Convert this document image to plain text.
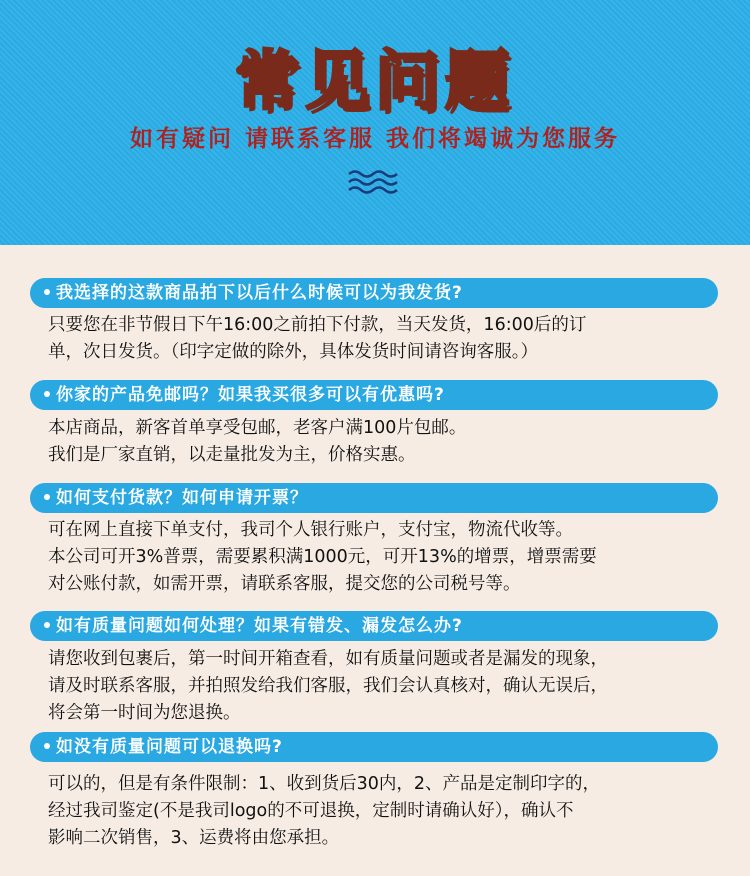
常见问题
如有疑问 请联系客服 我们将竭诚为您服务
我选择的这款商品拍下以后什么时候可以为我发货?
只要您在非节假日下午16:00之前拍下付款，当天发货，16:00后的订
单，次日发货。（印字定做的除外，具体发货时间请咨询客服。）
你家的产品免邮吗？如果我买很多可以有优惠吗?
本店商品，新客首单享受包邮，老客户满100片包邮。
我们是厂家直销，以走量批发为主，价格实惠。
如何支付货款？如何申请开票？
可在网上直接下单支付，我司个人银行账户，支付宝，物流代收等。
本公司可开3%普票，需要累积满1000元，可开13%的增票，增票需要
对公账付款，如需开票，请联系客服，提交您的公司税号等。
如有质量问题如何处理？如果有错发、漏发怎么办?
请您收到包裹后，第一时间开箱查看，如有质量问题或者是漏发的现象，
请及时联系客服，并拍照发给我们客服，我们会认真核对，确认无误后，
将会第一时间为您退换。
如没有质量问题可以退换吗?
可以的，但是有条件限制：1、收到货后30内，2、产品是定制印字的，
经过我司鉴定(不是我司logo的不可退换，定制时请确认好），确认不
影响二次销售，3、运费将由您承担。
